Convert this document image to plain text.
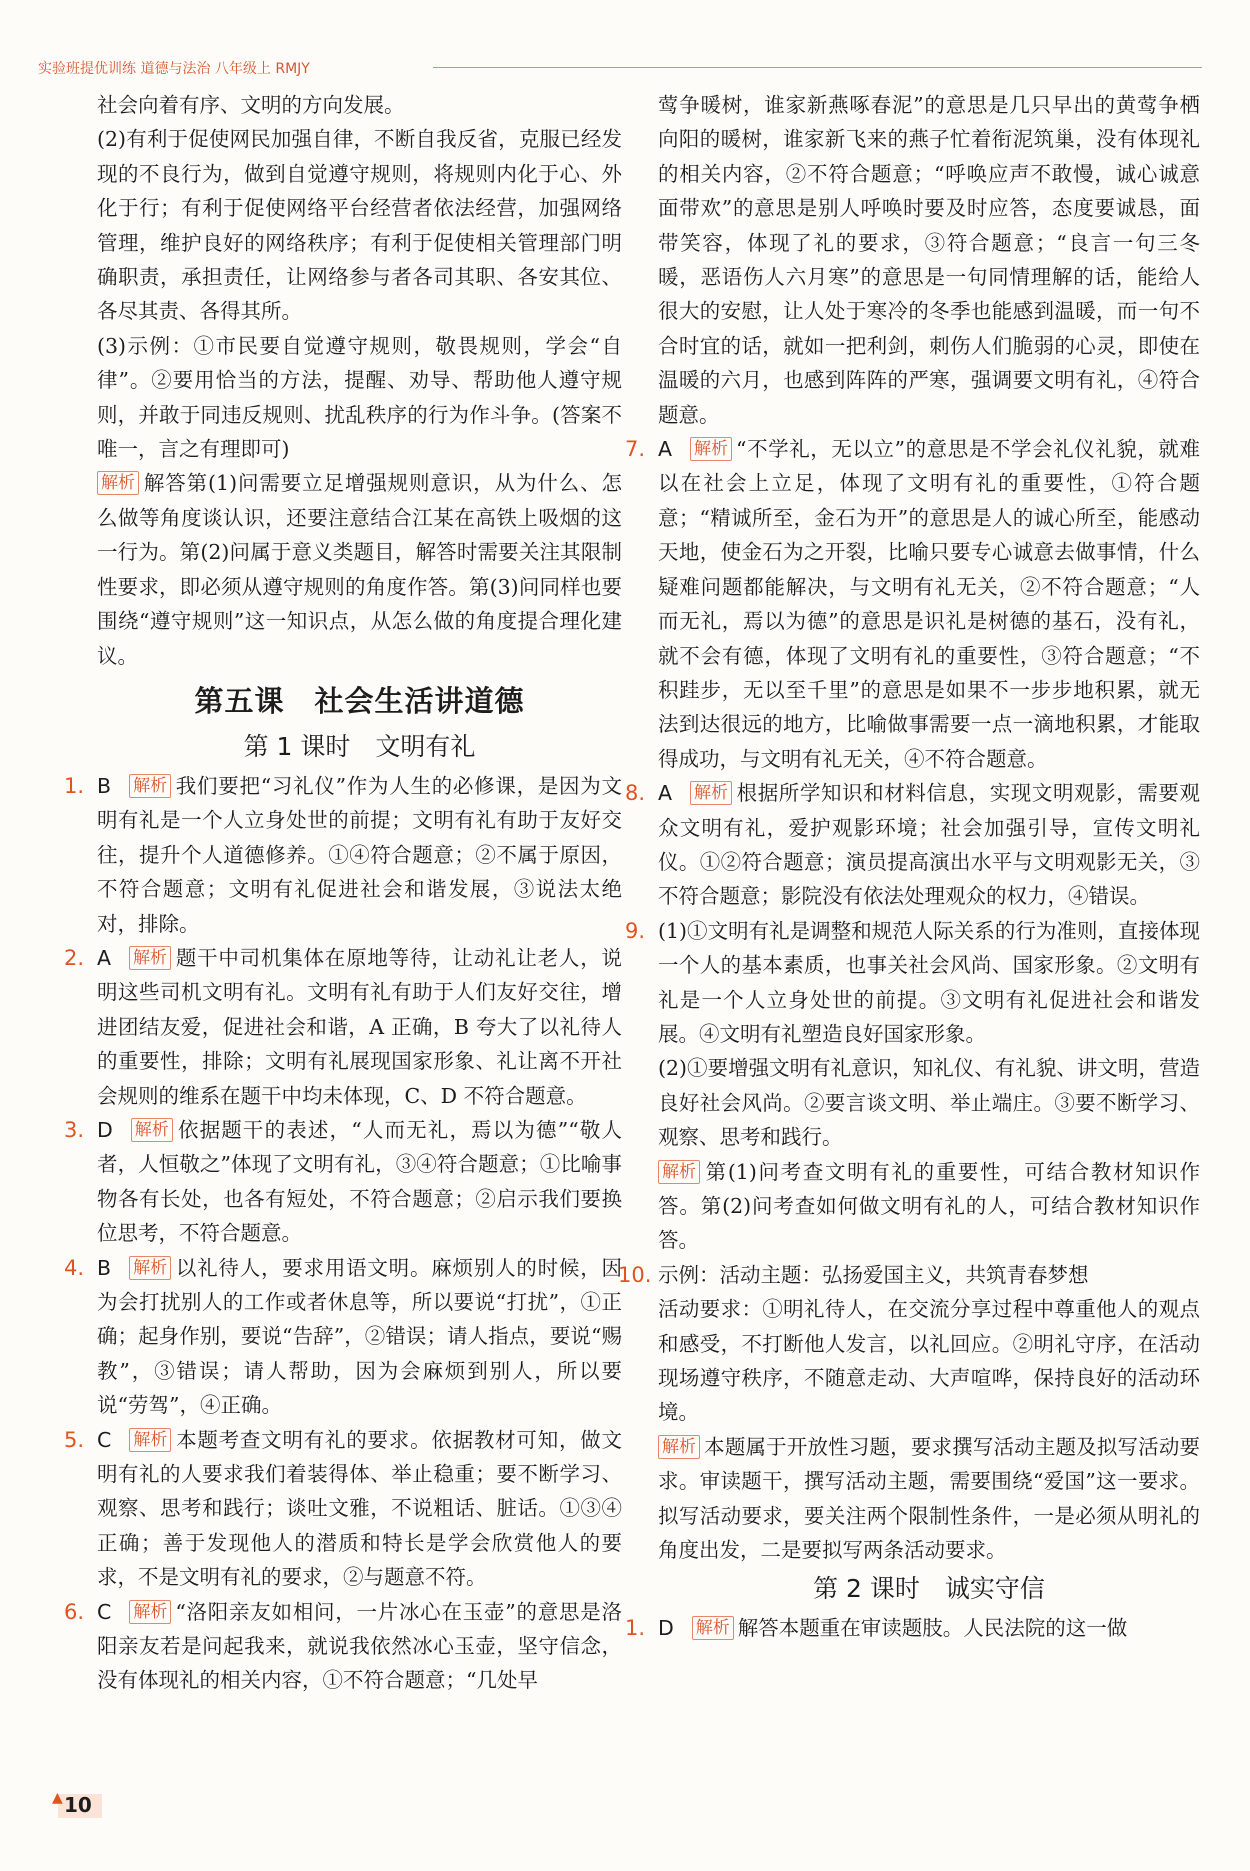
实验班提优训练 道德与法治 八年级上 RMJY

社会向着有序、文明的方向发展。

(2)有利于促使网民加强自律，不断自我反省，克服已经发现的不良行为，做到自觉遵守规则，将规则内化于心、外化于行；有利于促使网络平台经营者依法经营，加强网络管理，维护良好的网络秩序；有利于促使相关管理部门明确职责，承担责任，让网络参与者各司其职、各安其位、各尽其责、各得其所。

(3)示例：①市民要自觉遵守规则，敬畏规则，学会“自律”。②要用恰当的方法，提醒、劝导、帮助他人遵守规则，并敢于同违反规则、扰乱秩序的行为作斗争。(答案不唯一，言之有理即可)

解析 解答第(1)问需要立足增强规则意识，从为什么、怎么做等角度谈认识，还要注意结合江某在高铁上吸烟的这一行为。第(2)问属于意义类题目，解答时需要关注其限制性要求，即必须从遵守规则的角度作答。第(3)问同样也要围绕“遵守规则”这一知识点，从怎么做的角度提合理化建议。

第五课　社会生活讲道德
第 1 课时　文明有礼
1. B 解析 我们要把“习礼仪”作为人生的必修课，是因为文明有礼是一个人立身处世的前提；文明有礼有助于友好交往，提升个人道德修养。①④符合题意；②不属于原因，不符合题意；文明有礼促进社会和谐发展，③说法太绝对，排除。

2. A 解析 题干中司机集体在原地等待，让动礼让老人，说明这些司机文明有礼。文明有礼有助于人们友好交往，增进团结友爱，促进社会和谐，A 正确，B 夸大了以礼待人的重要性，排除；文明有礼展现国家形象、礼让离不开社会规则的维系在题干中均未体现，C、D 不符合题意。

3. D 解析 依据题干的表述，“人而无礼，焉以为德”“敬人者，人恒敬之”体现了文明有礼，③④符合题意；①比喻事物各有长处，也各有短处，不符合题意；②启示我们要换位思考，不符合题意。

4. B 解析 以礼待人，要求用语文明。麻烦别人的时候，因为会打扰别人的工作或者休息等，所以要说“打扰”，①正确；起身作别，要说“告辞”，②错误；请人指点，要说“赐教”，③错误；请人帮助，因为会麻烦到别人，所以要说“劳驾”，④正确。

5. C 解析 本题考查文明有礼的要求。依据教材可知，做文明有礼的人要求我们着装得体、举止稳重；要不断学习、观察、思考和践行；谈吐文雅，不说粗话、脏话。①③④正确；善于发现他人的潜质和特长是学会欣赏他人的要求，不是文明有礼的要求，②与题意不符。

6. C 解析 “洛阳亲友如相问，一片冰心在玉壶”的意思是洛阳亲友若是问起我来，就说我依然冰心玉壶，坚守信念，没有体现礼的相关内容，①不符合题意；“几处早

莺争暖树，谁家新燕啄春泥”的意思是几只早出的黄莺争栖向阳的暖树，谁家新飞来的燕子忙着衔泥筑巢，没有体现礼的相关内容，②不符合题意；“呼唤应声不敢慢，诚心诚意面带欢”的意思是别人呼唤时要及时应答，态度要诚恳，面带笑容，体现了礼的要求，③符合题意；“良言一句三冬暖，恶语伤人六月寒”的意思是一句同情理解的话，能给人很大的安慰，让人处于寒冷的冬季也能感到温暖，而一句不合时宜的话，就如一把利剑，刺伤人们脆弱的心灵，即使在温暖的六月，也感到阵阵的严寒，强调要文明有礼，④符合题意。

7. A 解析 “不学礼，无以立”的意思是不学会礼仪礼貌，就难以在社会上立足，体现了文明有礼的重要性，①符合题意；“精诚所至，金石为开”的意思是人的诚心所至，能感动天地，使金石为之开裂，比喻只要专心诚意去做事情，什么疑难问题都能解决，与文明有礼无关，②不符合题意；“人而无礼，焉以为德”的意思是识礼是树德的基石，没有礼，就不会有德，体现了文明有礼的重要性，③符合题意；“不积跬步，无以至千里”的意思是如果不一步步地积累，就无法到达很远的地方，比喻做事需要一点一滴地积累，才能取得成功，与文明有礼无关，④不符合题意。

8. A 解析 根据所学知识和材料信息，实现文明观影，需要观众文明有礼，爱护观影环境；社会加强引导，宣传文明礼仪。①②符合题意；演员提高演出水平与文明观影无关，③不符合题意；影院没有依法处理观众的权力，④错误。

9. (1)①文明有礼是调整和规范人际关系的行为准则，直接体现一个人的基本素质，也事关社会风尚、国家形象。②文明有礼是一个人立身处世的前提。③文明有礼促进社会和谐发展。④文明有礼塑造良好国家形象。

(2)①要增强文明有礼意识，知礼仪、有礼貌、讲文明，营造良好社会风尚。②要言谈文明、举止端庄。③要不断学习、观察、思考和践行。

解析 第(1)问考查文明有礼的重要性，可结合教材知识作答。第(2)问考查如何做文明有礼的人，可结合教材知识作答。

10. 示例：活动主题：弘扬爱国主义，共筑青春梦想

活动要求：①明礼待人，在交流分享过程中尊重他人的观点和感受，不打断他人发言，以礼回应。②明礼守序，在活动现场遵守秩序，不随意走动、大声喧哗，保持良好的活动环境。

解析 本题属于开放性习题，要求撰写活动主题及拟写活动要求。审读题干，撰写活动主题，需要围绕“爱国”这一要求。拟写活动要求，要关注两个限制性条件，一是必须从明礼的角度出发，二是要拟写两条活动要求。

第 2 课时　诚实守信
1. D 解析 解答本题重在审读题肢。人民法院的这一做

▲ 10
